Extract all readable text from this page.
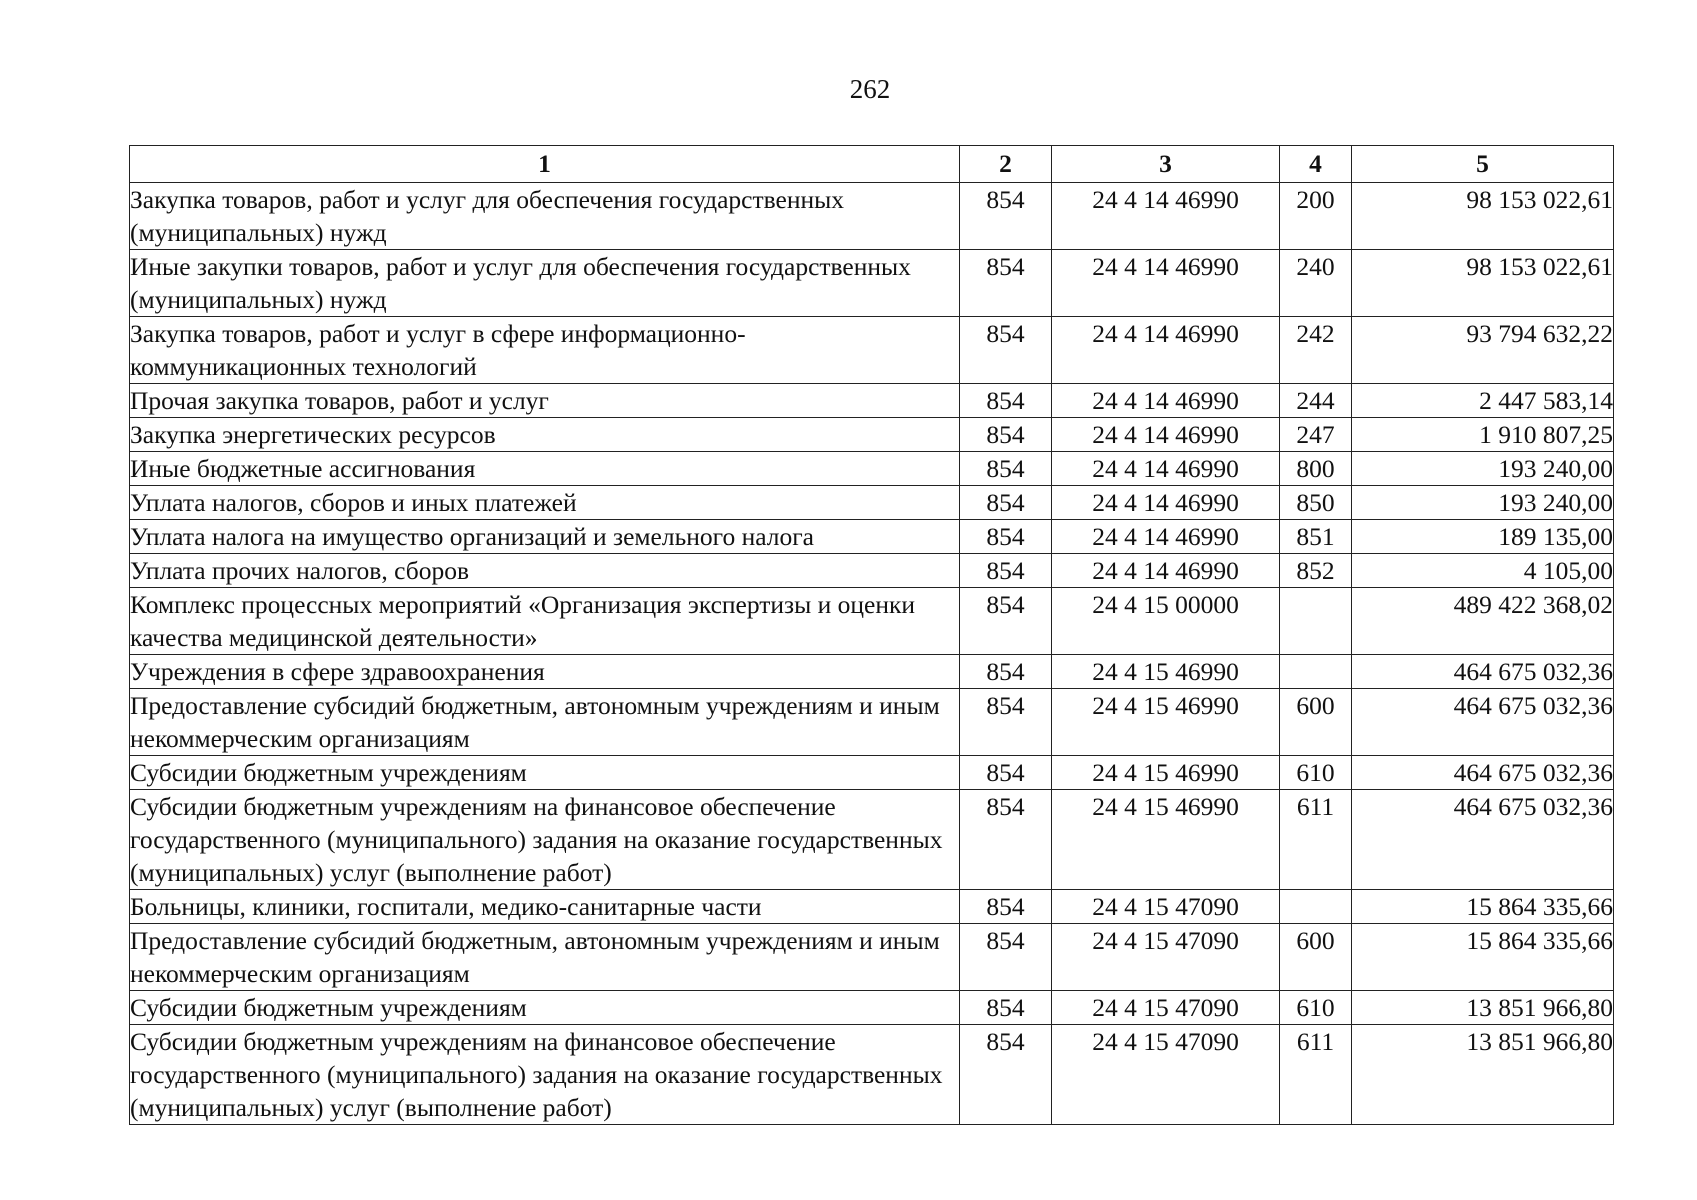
262
1	2	3	4	5
Закупка товаров, работ и услуг для обеспечения государственных (муниципальных) нужд	854	24 4 14 46990	200	98 153 022,61
Иные закупки товаров, работ и услуг для обеспечения государственных (муниципальных) нужд	854	24 4 14 46990	240	98 153 022,61
Закупка товаров, работ и услуг в сфере информационно-коммуникационных технологий	854	24 4 14 46990	242	93 794 632,22
Прочая закупка товаров, работ и услуг	854	24 4 14 46990	244	2 447 583,14
Закупка энергетических ресурсов	854	24 4 14 46990	247	1 910 807,25
Иные бюджетные ассигнования	854	24 4 14 46990	800	193 240,00
Уплата налогов, сборов и иных платежей	854	24 4 14 46990	850	193 240,00
Уплата налога на имущество организаций и земельного налога	854	24 4 14 46990	851	189 135,00
Уплата прочих налогов, сборов	854	24 4 14 46990	852	4 105,00
Комплекс процессных мероприятий «Организация экспертизы и оценки качества медицинской деятельности»	854	24 4 15 00000		489 422 368,02
Учреждения в сфере здравоохранения	854	24 4 15 46990		464 675 032,36
Предоставление субсидий бюджетным, автономным учреждениям и иным некоммерческим организациям	854	24 4 15 46990	600	464 675 032,36
Субсидии бюджетным учреждениям	854	24 4 15 46990	610	464 675 032,36
Субсидии бюджетным учреждениям на финансовое обеспечение государственного (муниципального) задания на оказание государственных (муниципальных) услуг (выполнение работ)	854	24 4 15 46990	611	464 675 032,36
Больницы, клиники, госпитали, медико-санитарные части	854	24 4 15 47090		15 864 335,66
Предоставление субсидий бюджетным, автономным учреждениям и иным некоммерческим организациям	854	24 4 15 47090	600	15 864 335,66
Субсидии бюджетным учреждениям	854	24 4 15 47090	610	13 851 966,80
Субсидии бюджетным учреждениям на финансовое обеспечение государственного (муниципального) задания на оказание государственных (муниципальных) услуг (выполнение работ)	854	24 4 15 47090	611	13 851 966,80
